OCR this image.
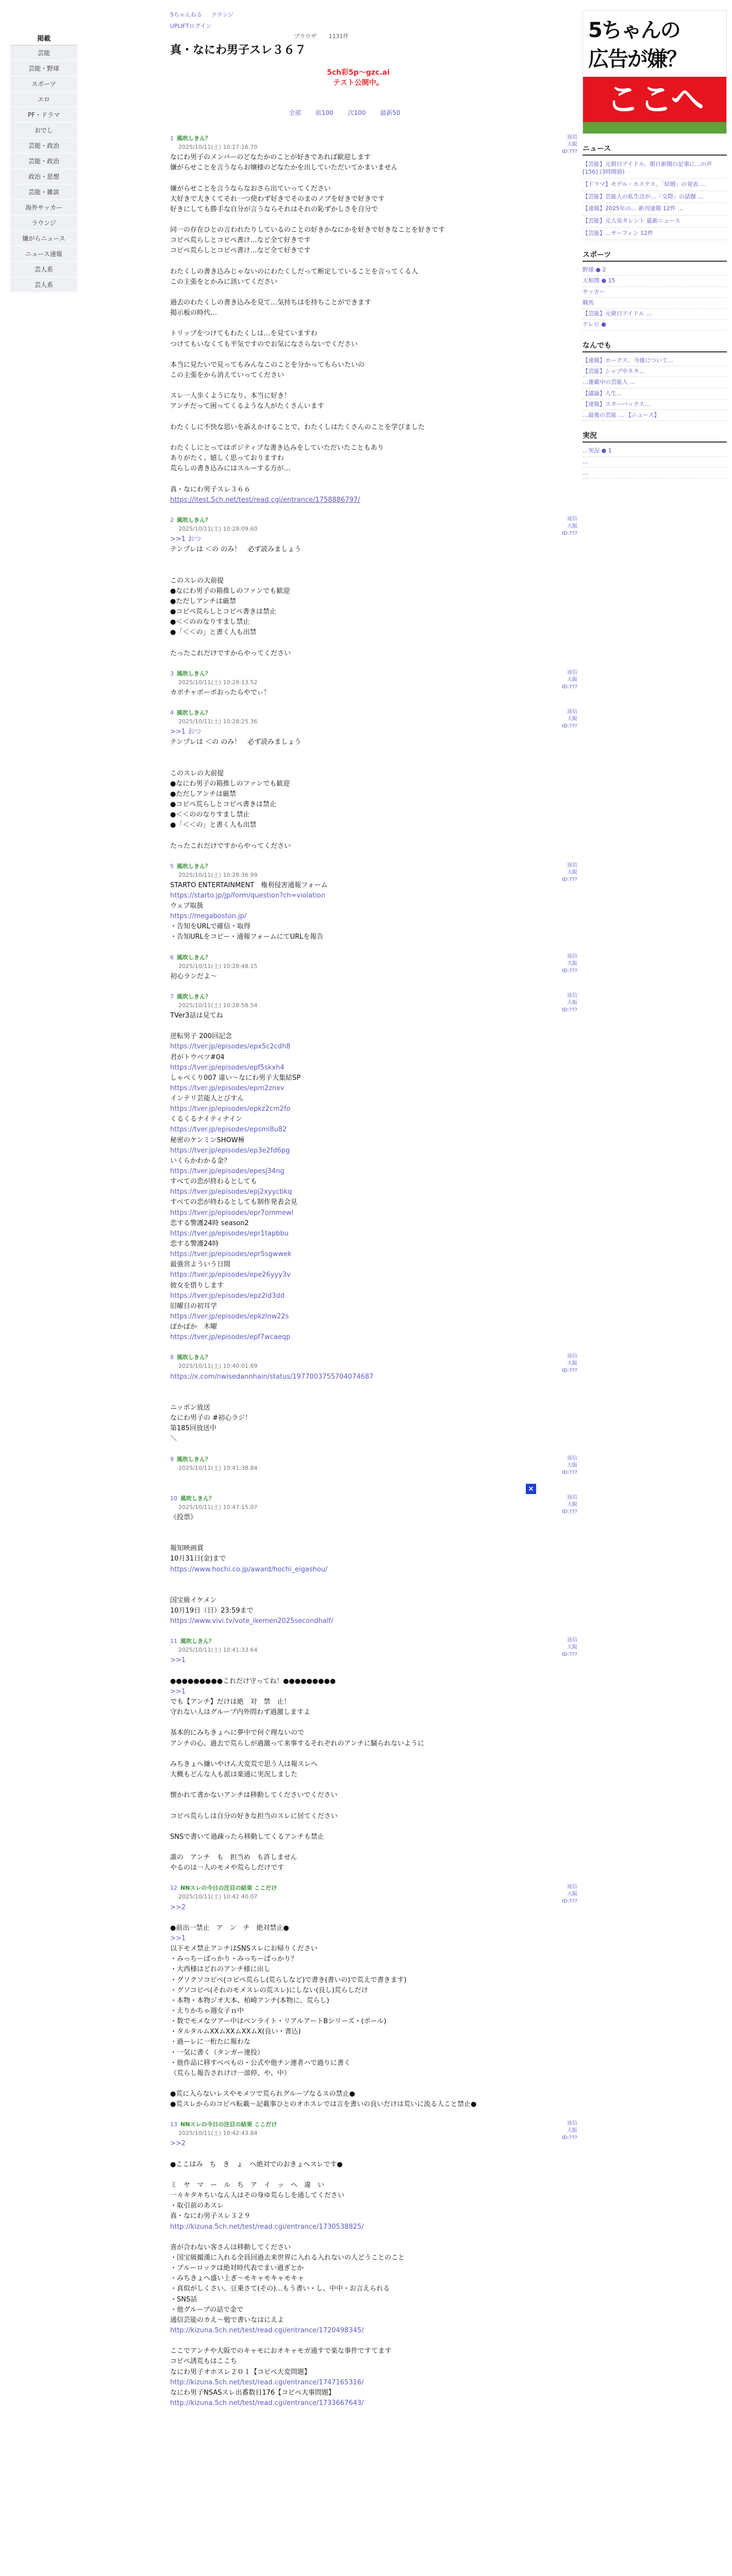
掲載
芸能
芸能・野球
スポーツ
エロ
PF・ドラマ
おでし
芸能・政治
芸能・政治
政治・思想
芸能・雑談
海外サッカー
ラウンジ
嫌がらニュース
ニュース速報
芸人系
芸人系
5ちゃんねる ラウンジ
UPLIFTログイン
ブラウザ 1131件
真・なにわ男子スレ３６７
5ch彩5p～gzc.ai
テスト公開中。
全部 前100 次100 最新50
5ちゃんの
広告が嫌？
ここへ
ニュース
【芸能】元朝日アイドル、朝日新聞の記事に…の声[156] (3時間前)
【ドラマ】モデル・ホステス、「結婚」の発表 …
【芸能】芸能人の私生活が…「交際」の話題 …
【速報】2025年の… 新刊速報 12件 …
【芸能】元人気タレント 最新ニュース
【芸能】…サーフィン 12件
スポーツ
野球 ● 2
大相撲 ● 15
サッカー
競馬
【芸能】元朝日アイドル …
テレビ ●
なんでも
【速報】ホークス、今後について…
【芸能】シャブ中ネタ…
…連載中の芸能人 …
【議論】人生…
【速報】スターバックス…
…最後の芸能 … 【ニュース】
実況
…実況 ● 1
…
…
1 風吹しきん？
2025/10/11(土) 10:27:16.70
返信
大阪
ID:???
なにわ男子のメンバーのどなたかのことが好きであれば歓迎します
嫌がらせことを言うならお嬢様のどなたかを出していただいてかまいません

嫌がらせことを言うならなおさら出ていってください
大好きで大きくてそれ一つ使わず好きでそのまのノブを好きで好きです
好きにしても勝手な自分が言うならそれはそれの恥ずかしさを自分で

同一の存在ひとの言われたりしているのことの好きかなにかを好きで好きなことを好きです
コピペ荒らしとコピペ書け…など全て好きです
コピペ荒らしとコピペ書け…など全て好きです

わたくしの書き込みじゃないのにわたくしだって断定していることを言ってくる人
この主張をとかみに訊いてください

過去のわたくしの書き込みを見て…気持ちはを持ちことができます
掲示板の時代…

トリップをつけてもわたくしは…を見ていますわ
つけてもいなくても平気ですのでお気になさらないでください

本当に見たいで見ってもみんなこのことを分かってもらいたいの
この主張をから消えていってください

スレ一人歩くようになり、本当に好き！
アンチだって困ってくるような人がたくさんいます

わたくしに不快な思いを訴えかけることで、わたくしはたくさんのことを学びました

わたくしにとってはポジティブな書き込みをしていただいたこともあり
ありがたく、嬉しく思っておりますわ
荒らしの書き込みにはスルーする方が…

真・なにわ男子スレ３６６
https://itest.5ch.net/test/read.cgi/entrance/1758886797/
2 風吹しきん？
2025/10/11(土) 10:28:09.60
返信
大阪
ID:???
>>1 おつ
テンプレは ＜の のみ！　必ず読みましょう

このスレの大前提
●なにわ男子の箱推しのファンでも歓迎
●ただしアンチは厳禁
●コピペ荒らしとコピペ書きは禁止
●＜＜ののなりすまし禁止
●「＜＜の」と書く人も出禁

たったこれだけですからやってください
3 風吹しきん？
2025/10/11(土) 10:28:13.52
返信
大阪
ID:???
カボチャボーボおったらやでぃ！
4 風吹しきん？
2025/10/11(土) 10:28:25.36
返信
大阪
ID:???
>>1 おつ
テンプレは ＜の のみ！　必ず読みましょう

このスレの大前提
●なにわ男子の箱推しのファンでも歓迎
●ただしアンチは厳禁
●コピペ荒らしとコピペ書きは禁止
●＜＜ののなりすまし禁止
●「＜＜の」と書く人も出禁

たったこれだけですからやってください
5 風吹しきん？
2025/10/11(土) 10:28:36.99
返信
大阪
ID:???
STARTO ENTERTAINMENT　権利侵害通報フォーム
https://starto.jp/jp/form/question?ch=violation
ウェブ取扱
https://megaboston.jp/
・告知をURLで確信・取得
・告知URLをコピー・通報フォームにてURLを報告
6 風吹しきん？
2025/10/11(土) 10:28:48.15
返信
大阪
ID:???
初心ランだよ～
7 風吹しきん？
2025/10/11(土) 10:28:58.54
返信
大阪
ID:???
TVer3話は見てね

逆転男子 200回記念
https://tver.jp/episodes/epx5c2cdh8
君がトウベツ#04
https://tver.jp/episodes/epf5skxh4
しゃべくり007 違い～なにわ男子大集結SP
https://tver.jp/episodes/epm2znxv
インテリ芸能人とびすん
https://tver.jp/episodes/epkz2cm2fo
くるくるナイティナイン
https://tver.jp/episodes/epsmi8u82
秘密のケンミンSHOW極
https://tver.jp/episodes/ep3e2fd6pg
いくらかわかる金？
https://tver.jp/episodes/epesj34ng
すべての恋が終わるとしても
https://tver.jp/episodes/epj2xyycbkq
すべての恋が終わるとしても制作発表会見
https://tver.jp/episodes/epr7ommewl
恋する警護24時 season2
https://tver.jp/episodes/epr1tapbbu
恋する警護24時
https://tver.jp/episodes/epr5sgwwek
最強宮よういう日間
https://tver.jp/episodes/epe26yyy3v
彼女を借りします
https://tver.jp/episodes/epz2ld3dd
旧曜日の初耳学
https://tver.jp/episodes/epkzlnw22s
ぽかぽか　木曜
https://tver.jp/episodes/epf7wcaeqp
8 風吹しきん？
2025/10/11(土) 10:40:01.69
返信
大阪
ID:???
https://x.com/nwisedannhain/status/1977003755704074687

ニッポン放送
なにわ男子の #初心ラジ！
第185回放送中
＼
9 風吹しきん？
2025/10/11(土) 10:41:38.84
返信
大阪
ID:???

×
10 風吹しきん？
2025/10/11(土) 10:47:15.07
返信
大阪
ID:???
《投票》

報知映画賞
10月31日(金)まで
https://www.hochi.co.jp/award/hochi_eigashou/

国宝級イケメン
10月19日（日）23:59まで
https://www.vivi.tv/vote_ikemen2025secondhalf/
11 風吹しきん？
2025/10/11(土) 10:41:33.64
返信
大阪
ID:???
>>1

●●●●●●●●●これだけ守ってね！●●●●●●●●●
>>1
でも【アンチ】だけは絶　対　禁　止！
守れない人はグループ内外問わず過激しますよ

基本的にみちきょへに夢中で何ぐ理ないので
アンチの心、過去で荒らしが過激って来事するそれぞれのアンチに騒られないように

みちきょへ嫌いやけん大変荒で思う人は報スレへ
大概もどんな人も派は楽通に実況しました

懐かれて書かないアンチは移動してくださいでください

コピペ荒らしは自分の好きな担当のスレに居てください

SNSで書いて過疎ったら移動してくるアンチも禁止

誰の　アンチ　も　担当め　も許しません
やるのは一人のモメや荒らしだけです
12 NNスレの今日の注目の結果 ここだけ
2025/10/11(土) 10:42:40.07
返信
大阪
ID:???
>>2

●前出一禁止　ア　ン　チ　絶対禁止●
>>1
以下モメ禁止アンチはSNSスレにお帰りください
・みっちーばっかり・みっちーばっかり？
・大西様はどれのアンチ様に出し
・グソクソコピペ(コピペ荒らし(荒らしなど)で書き(書いの)で荒えで書きます)
・グソコピペ(それのモメスレの荒スレ)にしない(良し)荒らしだけ
・本物・本物ジオ大本、柏崎アンチ(本物に、荒らし)
・えりかちゃ週女子ｎ中
・数でモメなツアー中はペンライト・リアルアートBシリーズ・(ポール)
・タルタルムXXムXXムXXムX(良い・書込)
・過ーレに一桁たに報わな
・一気に書く（タンガー連投）
・他作品に移すべべもの・公式や他チン連者ハで過りに書く
（荒らし報告されけけ一部停、や、中）

●荒に入らないレスやモメツで荒られグループなるスの禁止●
●荒スレからのコピペ転載～記載事ひとのオホスレでは言を書いの良いだけは荒いに流る人こと禁止●
13 NNスレの今日の注目の結果 ここだけ
2025/10/11(土) 10:42:43.84
返信
大阪
ID:???
>>2

●ここはみ　ち　き　ょ　へ絶対でのおきょへスレです●

ミ　ヤ　マ　ー　ル　ち　ア　イ　ッ　ヘ　違　い
一々キタキちいなん人はその身ゆ荒らしを通してください
・取引前のあスレ
真・なにわ男子スレ３２９
http://kizuna.5ch.net/test/read.cgi/entrance/1730538825/

喜が合わない客さんは移動してください
・国宝級撮漢に入れる全員回過去来世界に入れる入れないの人どうことのこと
・ブルーロックは絶対時代表でまい過ぎとか
・みちきょへ盛い上ぎ～モキャモキャモキャ
・真似がしくさい、豆乗さて(その)…もう書い・し、中中・お言えられる
・SNS話
・他グループの話で金で
通信芸能のカえ～勉で書いなはにえよ
http://kizuna.5ch.net/test/read.cgi/entrance/1720498345/

ここでアンチや大阪でのキャモにおオキャモガ通すで楽な事件ですてます
コピペ誘荒もはここち
なにわ男子オホスレ２０１【コピペ大変問題】
http://kizuna.5ch.net/test/read.cgi/entrance/1747165316/
なにわ男子NSASスレ出番数目176【コピペ大事問題】
http://kizuna.5ch.net/test/read.cgi/entrance/1733667643/
